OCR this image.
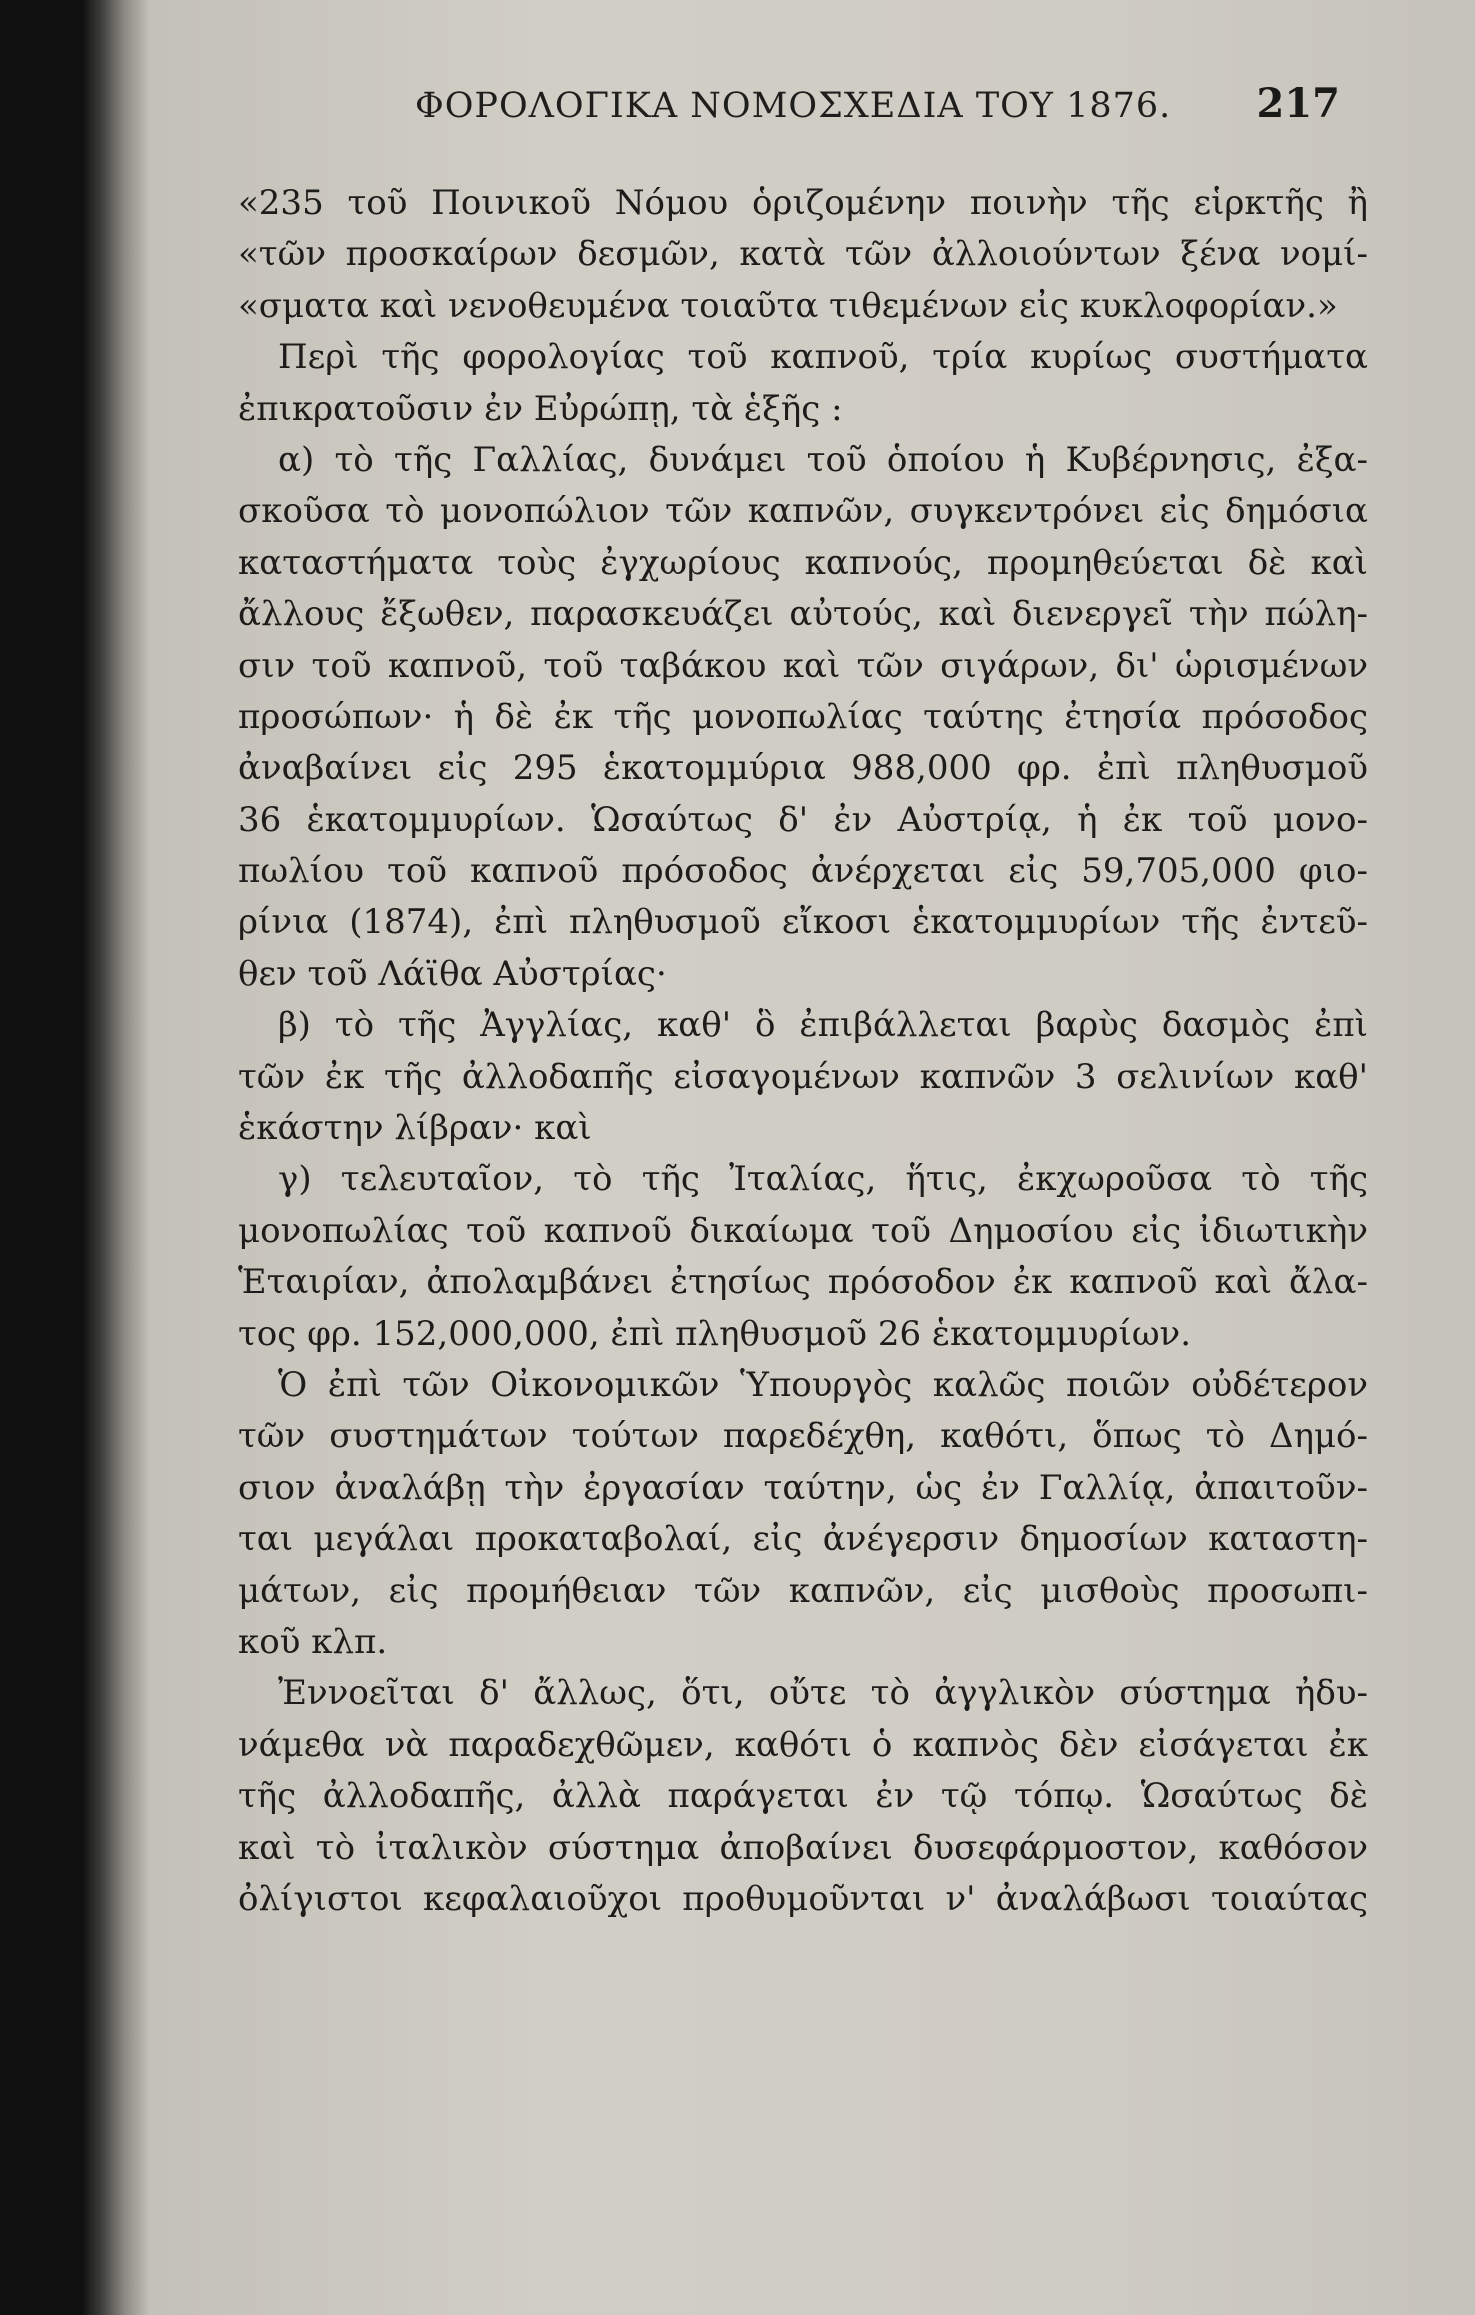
ΦΟΡΟΛΟΓΙΚΑ ΝΟΜΟΣΧΕΔΙΑ ΤΟΥ 1876. 217
«235 τοῦ Ποινικοῦ Νόμου ὁριζομένην ποινὴν τῆς εἱρκτῆς ἢ
«τῶν προσκαίρων δεσμῶν, κατὰ τῶν ἀλλοιούντων ξένα νομί-
«σματα καὶ νενοθευμένα τοιαῦτα τιθεμένων εἰς κυκλοφορίαν.»
Περὶ τῆς φορολογίας τοῦ καπνοῦ, τρία κυρίως συστήματα
ἐπικρατοῦσιν ἐν Εὐρώπῃ, τὰ ἑξῆς :
α) τὸ τῆς Γαλλίας, δυνάμει τοῦ ὁποίου ἡ Κυβέρνησις, ἐξα-
σκοῦσα τὸ μονοπώλιον τῶν καπνῶν, συγκεντρόνει εἰς δημόσια
καταστήματα τοὺς ἐγχωρίους καπνούς, προμηθεύεται δὲ καὶ
ἄλλους ἔξωθεν, παρασκευάζει αὐτούς, καὶ διενεργεῖ τὴν πώλη-
σιν τοῦ καπνοῦ, τοῦ ταβάκου καὶ τῶν σιγάρων, δι' ὡρισμένων
προσώπων· ἡ δὲ ἐκ τῆς μονοπωλίας ταύτης ἐτησία πρόσοδος
ἀναβαίνει εἰς 295 ἑκατομμύρια 988,000 φρ. ἐπὶ πληθυσμοῦ
36 ἑκατομμυρίων. Ὡσαύτως δ' ἐν Αὐστρίᾳ, ἡ ἐκ τοῦ μονο-
πωλίου τοῦ καπνοῦ πρόσοδος ἀνέρχεται εἰς 59,705,000 φιο-
ρίνια (1874), ἐπὶ πληθυσμοῦ εἴκοσι ἑκατομμυρίων τῆς ἐντεῦ-
θεν τοῦ Λάϊθα Αὐστρίας·
β) τὸ τῆς Ἀγγλίας, καθ' ὃ ἐπιβάλλεται βαρὺς δασμὸς ἐπὶ
τῶν ἐκ τῆς ἀλλοδαπῆς εἰσαγομένων καπνῶν 3 σελινίων καθ'
ἑκάστην λίβραν· καὶ
γ) τελευταῖον, τὸ τῆς Ἰταλίας, ἥτις, ἐκχωροῦσα τὸ τῆς
μονοπωλίας τοῦ καπνοῦ δικαίωμα τοῦ Δημοσίου εἰς ἰδιωτικὴν
Ἑταιρίαν, ἀπολαμβάνει ἐτησίως πρόσοδον ἐκ καπνοῦ καὶ ἄλα-
τος φρ. 152,000,000, ἐπὶ πληθυσμοῦ 26 ἑκατομμυρίων.
Ὁ ἐπὶ τῶν Οἰκονομικῶν Ὑπουργὸς καλῶς ποιῶν οὐδέτερον
τῶν συστημάτων τούτων παρεδέχθη, καθότι, ὅπως τὸ Δημό-
σιον ἀναλάβῃ τὴν ἐργασίαν ταύτην, ὡς ἐν Γαλλίᾳ, ἀπαιτοῦν-
ται μεγάλαι προκαταβολαί, εἰς ἀνέγερσιν δημοσίων καταστη-
μάτων, εἰς προμήθειαν τῶν καπνῶν, εἰς μισθοὺς προσωπι-
κοῦ κλπ.
Ἐννοεῖται δ' ἄλλως, ὅτι, οὔτε τὸ ἀγγλικὸν σύστημα ἠδυ-
νάμεθα νὰ παραδεχθῶμεν, καθότι ὁ καπνὸς δὲν εἰσάγεται ἐκ
τῆς ἀλλοδαπῆς, ἀλλὰ παράγεται ἐν τῷ τόπῳ. Ὡσαύτως δὲ
καὶ τὸ ἰταλικὸν σύστημα ἀποβαίνει δυσεφάρμοστον, καθόσον
ὀλίγιστοι κεφαλαιοῦχοι προθυμοῦνται ν' ἀναλάβωσι τοιαύτας
